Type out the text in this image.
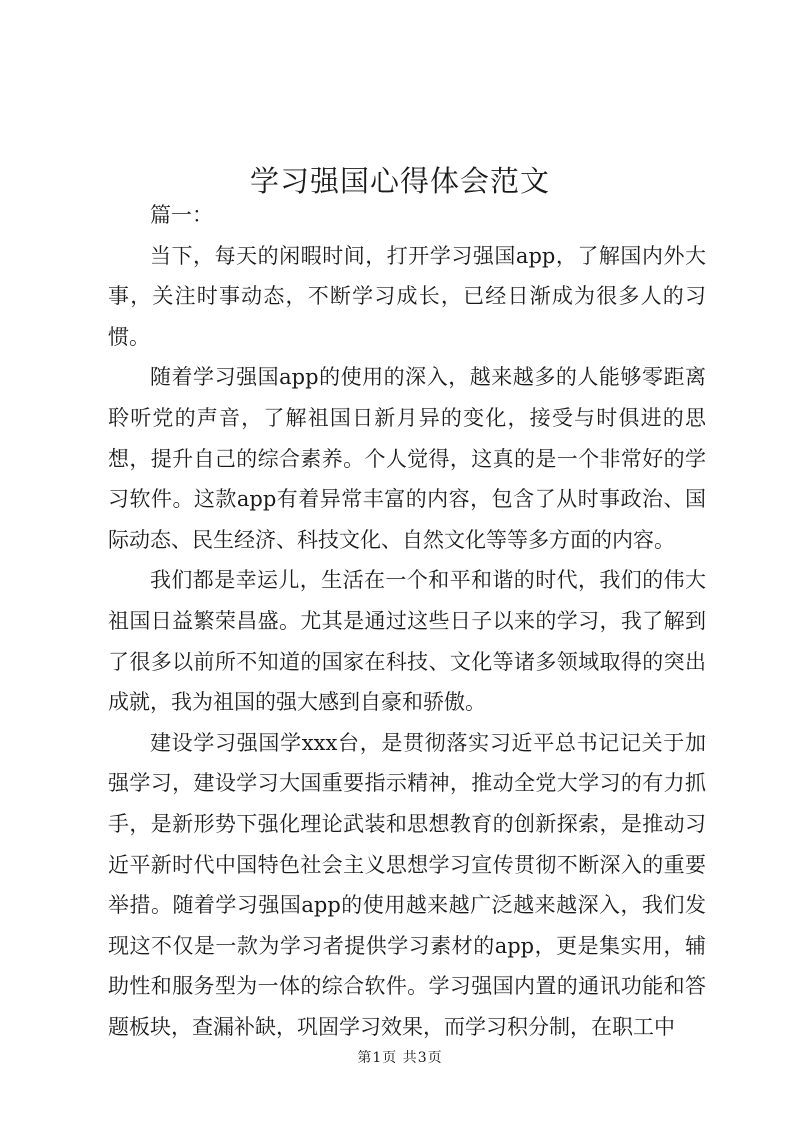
学习强国心得体会范文

篇一：

当下，每天的闲暇时间，打开学习强国app，了解国内外大事，关注时事动态，不断学习成长，已经日渐成为很多人的习惯。

随着学习强国app的使用的深入，越来越多的人能够零距离聆听党的声音，了解祖国日新月异的变化，接受与时俱进的思想，提升自己的综合素养。个人觉得，这真的是一个非常好的学习软件。这款app有着异常丰富的内容，包含了从时事政治、国际动态、民生经济、科技文化、自然文化等等多方面的内容。

我们都是幸运儿，生活在一个和平和谐的时代，我们的伟大祖国日益繁荣昌盛。尤其是通过这些日子以来的学习，我了解到了很多以前所不知道的国家在科技、文化等诸多领域取得的突出成就，我为祖国的强大感到自豪和骄傲。

建设学习强国学xxx台，是贯彻落实习近平总书记记关于加强学习，建设学习大国重要指示精神，推动全党大学习的有力抓手，是新形势下强化理论武装和思想教育的创新探索，是推动习近平新时代中国特色社会主义思想学习宣传贯彻不断深入的重要举措。随着学习强国app的使用越来越广泛越来越深入，我们发现这不仅是一款为学习者提供学习素材的app，更是集实用，辅助性和服务型为一体的综合软件。学习强国内置的通讯功能和答题板块，查漏补缺，巩固学习效果，而学习积分制，在职工中

第1页 共3页
